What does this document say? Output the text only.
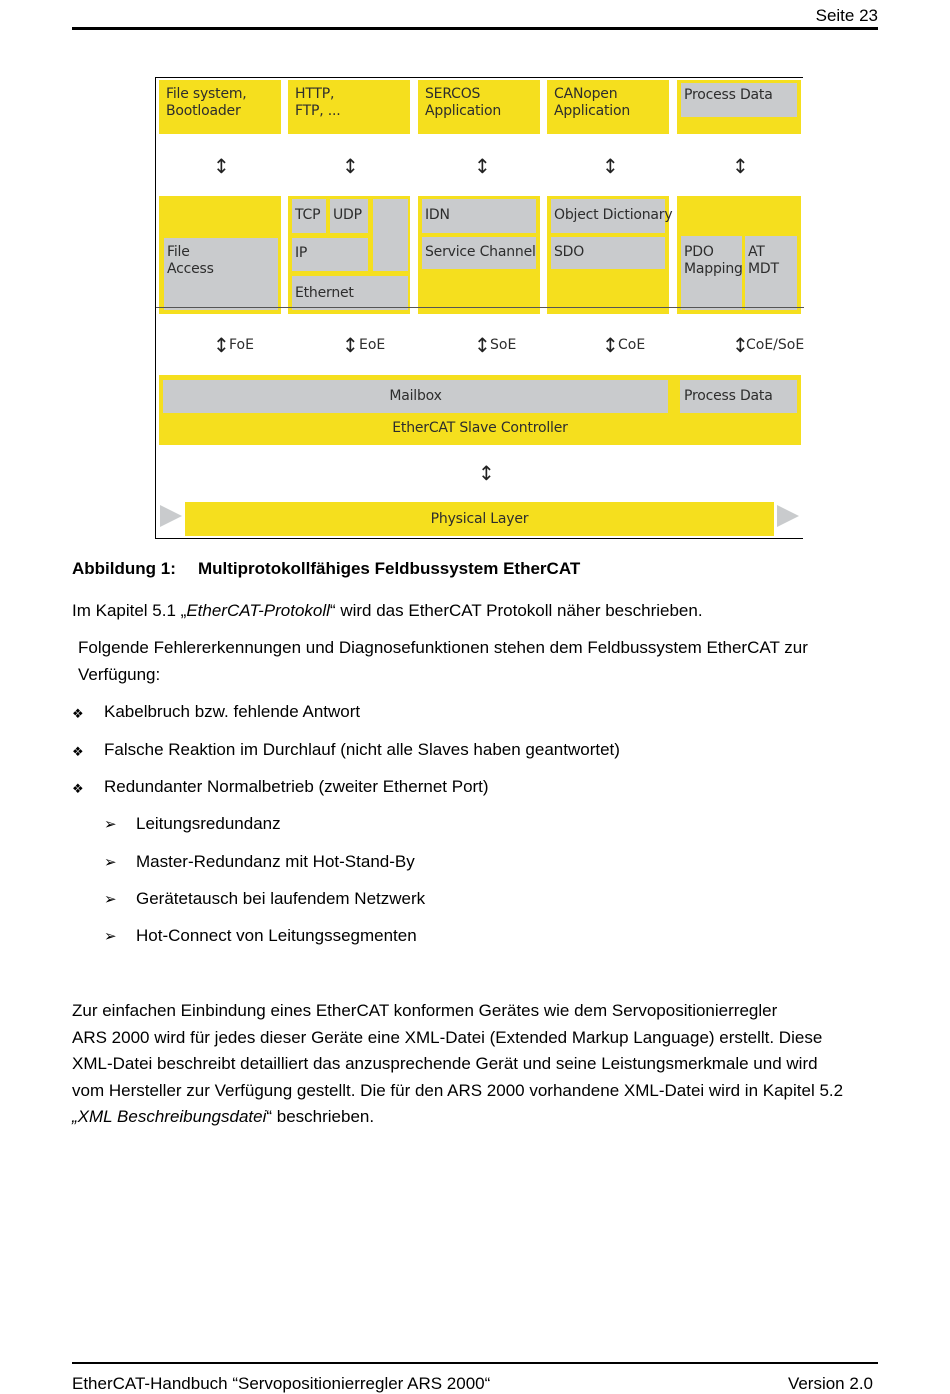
Seite 23
File system,
Bootloader
HTTP,
FTP, ...
SERCOS
Application
CANopen
Application
Process Data
↕	↕	↕	↕	↕
File
Access
TCP UDP
IP
Ethernet
IDN
Service Channel
Object Dictionary
SDO	PDO
Mapping
AT
MDT
↕ FoE	↕ EoE	↕ SoE	↕ CoE	↕
CoE/SoE
Mailbox	Process Data
EtherCAT Slave Controller
↕
Physical Layer
Abbildung 1: Multiprotokollfähiges Feldbussystem EtherCAT
Im Kapitel 5.1 „EtherCAT-Protokoll“ wird das EtherCAT Protokoll näher beschrieben.
Folgende Fehlererkennungen und Diagnosefunktionen stehen dem Feldbussystem EtherCAT zur Verfügung:
❖ Kabelbruch bzw. fehlende Antwort
❖ Falsche Reaktion im Durchlauf (nicht alle Slaves haben geantwortet)
❖ Redundanter Normalbetrieb (zweiter Ethernet Port)
➢ Leitungsredundanz
➢ Master-Redundanz mit Hot-Stand-By
➢ Gerätetausch bei laufendem Netzwerk
➢ Hot-Connect von Leitungssegmenten
Zur einfachen Einbindung eines EtherCAT konformen Gerätes wie dem Servopositionierregler
ARS 2000 wird für jedes dieser Geräte eine XML-Datei (Extended Markup Language) erstellt. Diese
XML-Datei beschreibt detailliert das anzusprechende Gerät und seine Leistungsmerkmale und wird
vom Hersteller zur Verfügung gestellt. Die für den ARS 2000 vorhandene XML-Datei wird in Kapitel 5.2
„XML Beschreibungsdatei“ beschrieben.
EtherCAT-Handbuch “Servopositionierregler ARS 2000“	Version 2.0
